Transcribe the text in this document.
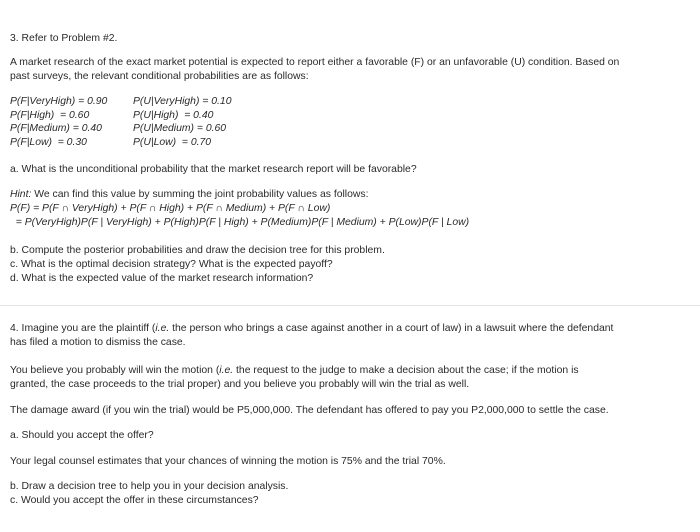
3. Refer to Problem #2.

A market research of the exact market potential is expected to report either a favorable (F) or an unfavorable (U) condition. Based on

past surveys, the relevant conditional probabilities are as follows:

P(F|VeryHigh) = 0.90	P(U|VeryHigh) = 0.10
P(F|High)  = 0.60	P(U|High)  = 0.40
P(F|Medium) = 0.40	P(U|Medium) = 0.60
P(F|Low)  = 0.30	P(U|Low)  = 0.70

a. What is the unconditional probability that the market research report will be favorable?

Hint: We can find this value by summing the joint probability values as follows:

P(F) = P(F ∩ VeryHigh) + P(F ∩ High) + P(F ∩ Medium) + P(F ∩ Low)

= P(VeryHigh)P(F | VeryHigh) + P(High)P(F | High) + P(Medium)P(F | Medium) + P(Low)P(F | Low)

b. Compute the posterior probabilities and draw the decision tree for this problem.

c. What is the optimal decision strategy? What is the expected payoff?

d. What is the expected value of the market research information?

4. Imagine you are the plaintiff (i.e. the person who brings a case against another in a court of law) in a lawsuit where the defendant

has filed a motion to dismiss the case.

You believe you probably will win the motion (i.e. the request to the judge to make a decision about the case; if the motion is

granted, the case proceeds to the trial proper) and you believe you probably will win the trial as well.

The damage award (if you win the trial) would be P5,000,000. The defendant has offered to pay you P2,000,000 to settle the case.

a. Should you accept the offer?

Your legal counsel estimates that your chances of winning the motion is 75% and the trial 70%.

b. Draw a decision tree to help you in your decision analysis.

c. Would you accept the offer in these circumstances?
